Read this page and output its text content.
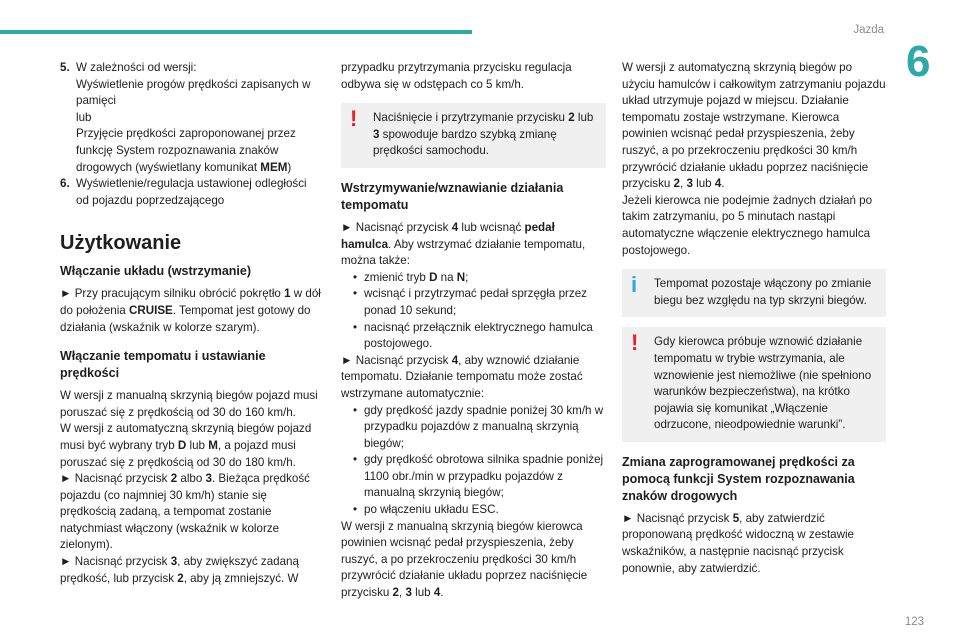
Jazda
6
5. W zależności od wersji:

Wyświetlenie progów prędkości zapisanych w pamięci

lub

Przyjęcie prędkości zaproponowanej przez funkcję System rozpoznawania znaków drogowych (wyświetlany komunikat MEM)

6. Wyświetlenie/regulacja ustawionej odległości od pojazdu poprzedzającego
Użytkowanie
Włączanie układu (wstrzymanie)

► Przy pracującym silniku obrócić pokrętło 1 w dół do położenia CRUISE. Tempomat jest gotowy do działania (wskaźnik w kolorze szarym).

Włączanie tempomatu i ustawianie prędkości

W wersji z manualną skrzynią biegów pojazd musi poruszać się z prędkością od 30 do 160 km/h.

W wersji z automatyczną skrzynią biegów pojazd musi być wybrany tryb D lub M, a pojazd musi poruszać się z prędkością od 30 do 180 km/h.

► Nacisnąć przycisk 2 albo 3. Bieżąca prędkość pojazdu (co najmniej 30 km/h) stanie się prędkością zadaną, a tempomat zostanie natychmiast włączony (wskaźnik w kolorze zielonym).

► Nacisnąć przycisk 3, aby zwiększyć zadaną prędkość, lub przycisk 2, aby ją zmniejszyć. W

przypadku przytrzymania przycisku regulacja odbywa się w odstępach co 5 km/h.

!	Naciśnięcie i przytrzymanie przycisku 2 lub 3 spowoduje bardzo szybką zmianę prędkości samochodu.
Wstrzymywanie/wznawianie działania tempomatu

► Nacisnąć przycisk 4 lub wcisnąć pedał hamulca. Aby wstrzymać działanie tempomatu, można także:

• zmienić tryb D na N;
• wcisnąć i przytrzymać pedał sprzęgła przez ponad 10 sekund;
• nacisnąć przełącznik elektrycznego hamulca postojowego.

► Nacisnąć przycisk 4, aby wznowić działanie tempomatu. Działanie tempomatu może zostać wstrzymane automatycznie:

• gdy prędkość jazdy spadnie poniżej 30 km/h w przypadku pojazdów z manualną skrzynią biegów;
• gdy prędkość obrotowa silnika spadnie poniżej 1100 obr./min w przypadku pojazdów z manualną skrzynią biegów;
• po włączeniu układu ESC.

W wersji z manualną skrzynią biegów kierowca powinien wcisnąć pedał przyspieszenia, żeby ruszyć, a po przekroczeniu prędkości 30 km/h przywrócić działanie układu poprzez naciśnięcie przycisku 2, 3 lub 4.

W wersji z automatyczną skrzynią biegów po użyciu hamulców i całkowitym zatrzymaniu pojazdu układ utrzymuje pojazd w miejscu. Działanie tempomatu zostaje wstrzymane. Kierowca powinien wcisnąć pedał przyspieszenia, żeby ruszyć, a po przekroczeniu prędkości 30 km/h przywrócić działanie układu poprzez naciśnięcie przycisku 2, 3 lub 4.

Jeżeli kierowca nie podejmie żadnych działań po takim zatrzymaniu, po 5 minutach nastąpi automatyczne włączenie elektrycznego hamulca postojowego.

i	Tempomat pozostaje włączony po zmianie biegu bez względu na typ skrzyni biegów.
!	Gdy kierowca próbuje wznowić działanie tempomatu w trybie wstrzymania, ale wznowienie jest niemożliwe (nie spełniono warunków bezpieczeństwa), na krótko pojawia się komunikat „Włączenie odrzucone, nieodpowiednie warunki”.
Zmiana zaprogramowanej prędkości za pomocą funkcji System rozpoznawania znaków drogowych

► Nacisnąć przycisk 5, aby zatwierdzić proponowaną prędkość widoczną w zestawie wskaźników, a następnie nacisnąć przycisk ponownie, aby zatwierdzić.

123
